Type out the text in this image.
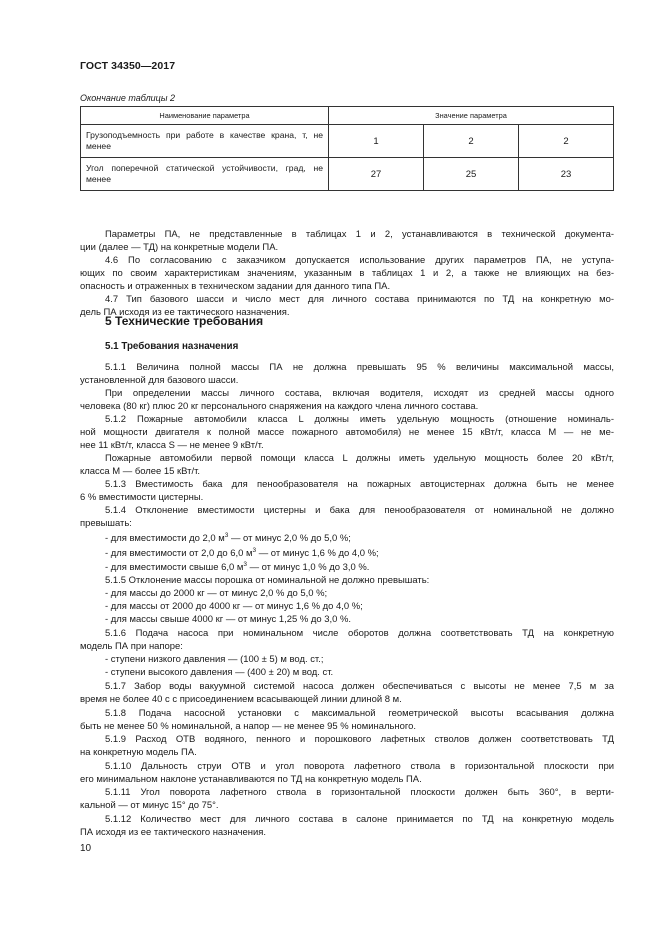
ГОСТ 34350—2017
Окончание таблицы 2
Наименование параметра	Значение параметра		
Грузоподъемность при работе в качестве крана, т, не менее	1	2	2
Угол поперечной статической устойчивости, град, не менее	27	25	23
Параметры ПА, не представленные в таблицах 1 и 2, устанавливаются в технической документа-
ции (далее — ТД) на конкретные модели ПА.
4.6 По согласованию с заказчиком допускается использование других параметров ПА, не уступа-
ющих по своим характеристикам значениям, указанным в таблицах 1 и 2, а также не влияющих на без-
опасность и отраженных в техническом задании для данного типа ПА.
4.7 Тип базового шасси и число мест для личного состава принимаются по ТД на конкретную мо-
дель ПА исходя из ее тактического назначения.
5.1.1 Величина полной массы ПА не должна превышать 95 % величины максимальной массы,
установленной для базового шасси.
При определении массы личного состава, включая водителя, исходят из средней массы одного
человека (80 кг) плюс 20 кг персонального снаряжения на каждого члена личного состава.
5.1.2 Пожарные автомобили класса L должны иметь удельную мощность (отношение номиналь-
ной мощности двигателя к полной массе пожарного автомобиля) не менее 15 кВт/т, класса М — не ме-
нее 11 кВт/т, класса S — не менее 9 кВт/т.
Пожарные автомобили первой помощи класса L должны иметь удельную мощность более 20 кВт/т,
класса М — более 15 кВт/т.
5.1.3 Вместимость бака для пенообразователя на пожарных автоцистернах должна быть не менее
6 % вместимости цистерны.
5.1.4 Отклонение вместимости цистерны и бака для пенообразователя от номинальной не должно
превышать:
- для вместимости до 2,0 $м^3$ — от минус 2,0 % до 5,0 %;
- для вместимости от 2,0 до 6,0 $м^3$ — от минус 1,6 % до 4,0 %;
- для вместимости свыше 6,0 $м^3$ — от минус 1,0 % до 3,0 %.
5.1.5 Отклонение массы порошка от номинальной не должно превышать:
- для массы до 2000 кг — от минус 2,0 % до 5,0 %;
- для массы от 2000 до 4000 кг — от минус 1,6 % до 4,0 %;
- для массы свыше 4000 кг — от минус 1,25 % до 3,0 %.
5.1.6 Подача насоса при номинальном числе оборотов должна соответствовать ТД на конкретную
модель ПА при напоре:
- ступени низкого давления — (100 ± 5) м вод. ст.;
- ступени высокого давления — (400 ± 20) м вод. ст.
5.1.7 Забор воды вакуумной системой насоса должен обеспечиваться с высоты не менее 7,5 м за
время не более 40 с с присоединением всасывающей линии длиной 8 м.
5.1.8 Подача насосной установки с максимальной геометрической высоты всасывания должна
быть не менее 50 % номинальной, а напор — не менее 95 % номинального.
5.1.9 Расход ОТВ водяного, пенного и порошкового лафетных стволов должен соответствовать ТД
на конкретную модель ПА.
5.1.10 Дальность струи ОТВ и угол поворота лафетного ствола в горизонтальной плоскости при
его минимальном наклоне устанавливаются по ТД на конкретную модель ПА.
5.1.11 Угол поворота лафетного ствола в горизонтальной плоскости должен быть 360°, в верти-
кальной — от минус 15° до 75°.
5.1.12 Количество мест для личного состава в салоне принимается по ТД на конкретную модель
ПА исходя из ее тактического назначения.
5 Технические требования
5.1 Требования назначения
10
